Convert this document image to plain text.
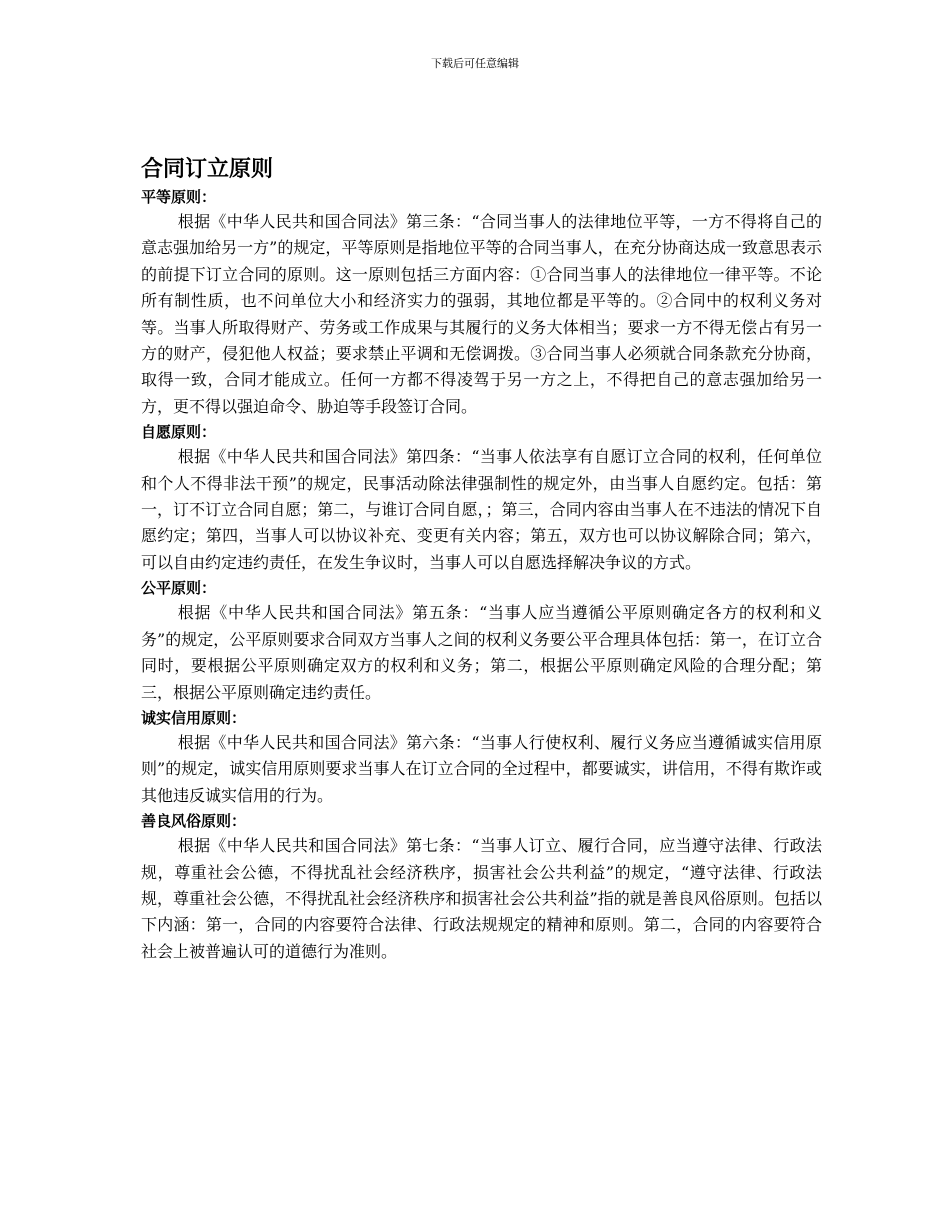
下载后可任意编辑
合同订立原则
平等原则：

根据《中华人民共和国合同法》第三条：“合同当事人的法律地位平等，一方不得将自己的意志强加给另一方”的规定，平等原则是指地位平等的合同当事人，在充分协商达成一致意思表示的前提下订立合同的原则。这一原则包括三方面内容：①合同当事人的法律地位一律平等。不论所有制性质，也不问单位大小和经济实力的强弱，其地位都是平等的。②合同中的权利义务对等。当事人所取得财产、劳务或工作成果与其履行的义务大体相当；要求一方不得无偿占有另一方的财产，侵犯他人权益；要求禁止平调和无偿调拨。③合同当事人必须就合同条款充分协商，取得一致，合同才能成立。任何一方都不得凌驾于另一方之上，不得把自己的意志强加给另一方，更不得以强迫命令、胁迫等手段签订合同。

自愿原则：

根据《中华人民共和国合同法》第四条：“当事人依法享有自愿订立合同的权利，任何单位和个人不得非法干预”的规定，民事活动除法律强制性的规定外，由当事人自愿约定。包括：第一，订不订立合同自愿；第二，与谁订合同自愿，；第三，合同内容由当事人在不违法的情况下自愿约定；第四，当事人可以协议补充、变更有关内容；第五，双方也可以协议解除合同；第六，可以自由约定违约责任，在发生争议时，当事人可以自愿选择解决争议的方式。

公平原则：

根据《中华人民共和国合同法》第五条：“当事人应当遵循公平原则确定各方的权利和义务”的规定，公平原则要求合同双方当事人之间的权利义务要公平合理具体包括：第一，在订立合同时，要根据公平原则确定双方的权利和义务；第二，根据公平原则确定风险的合理分配；第三，根据公平原则确定违约责任。

诚实信用原则：

根据《中华人民共和国合同法》第六条：“当事人行使权利、履行义务应当遵循诚实信用原则”的规定，诚实信用原则要求当事人在订立合同的全过程中，都要诚实，讲信用，不得有欺诈或其他违反诚实信用的行为。

善良风俗原则：

根据《中华人民共和国合同法》第七条：“当事人订立、履行合同，应当遵守法律、行政法规，尊重社会公德，不得扰乱社会经济秩序，损害社会公共利益”的规定，“遵守法律、行政法规，尊重社会公德，不得扰乱社会经济秩序和损害社会公共利益”指的就是善良风俗原则。包括以下内涵：第一，合同的内容要符合法律、行政法规规定的精神和原则。第二，合同的内容要符合社会上被普遍认可的道德行为准则。
